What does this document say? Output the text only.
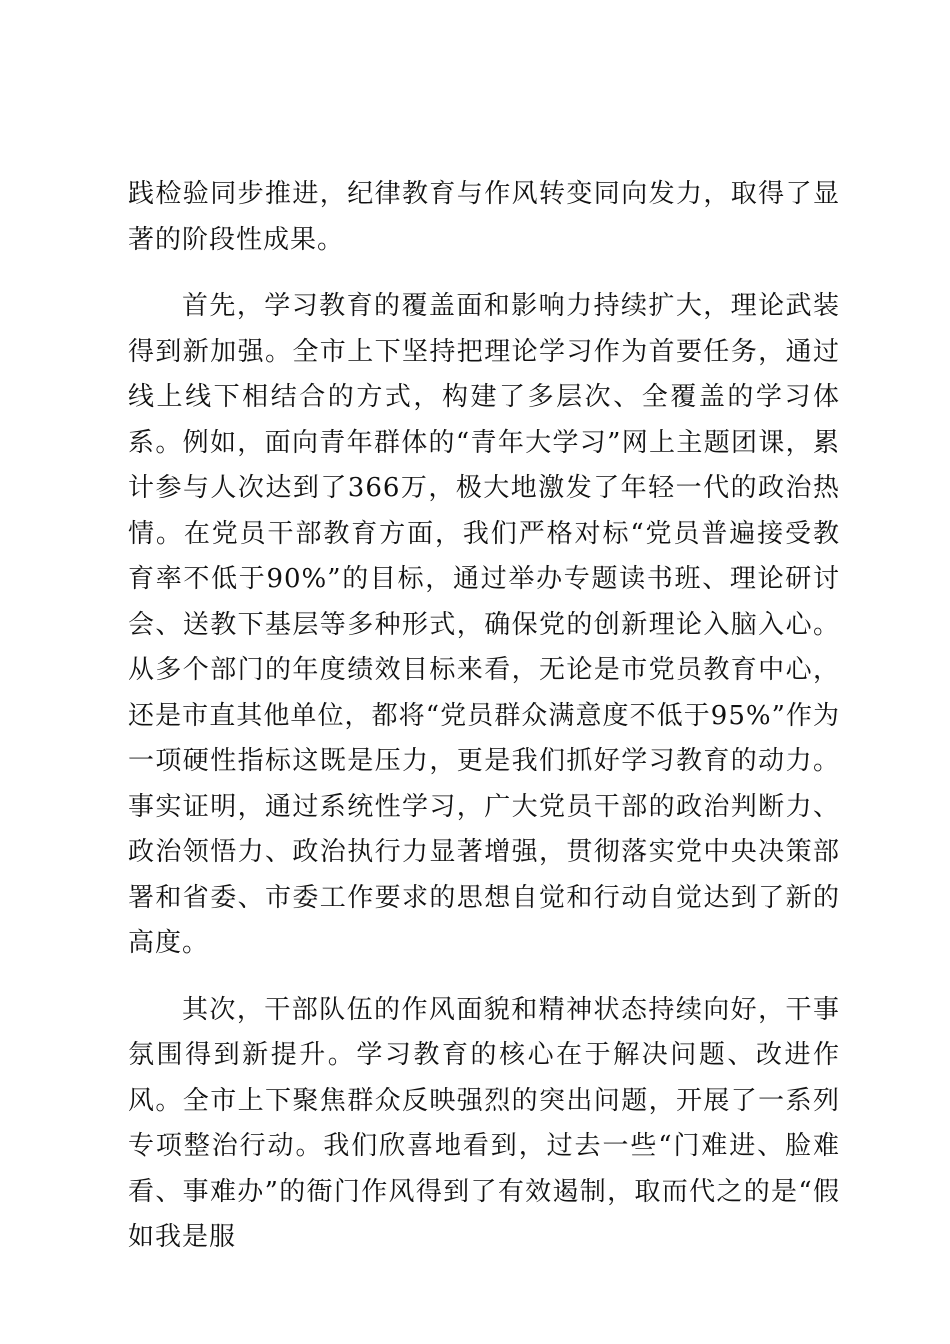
践检验同步推进，纪律教育与作风转变同向发力，取得了显著的阶段性成果。

首先，学习教育的覆盖面和影响力持续扩大，理论武装得到新加强。全市上下坚持把理论学习作为首要任务，通过线上线下相结合的方式，构建了多层次、全覆盖的学习体系。例如，面向青年群体的“青年大学习”网上主题团课，累计参与人次达到了366万，极大地激发了年轻一代的政治热情。在党员干部教育方面，我们严格对标“党员普遍接受教育率不低于90%”的目标，通过举办专题读书班、理论研讨会、送教下基层等多种形式，确保党的创新理论入脑入心。从多个部门的年度绩效目标来看，无论是市党员教育中心，还是市直其他单位，都将“党员群众满意度不低于95%”作为一项硬性指标这既是压力，更是我们抓好学习教育的动力。事实证明，通过系统性学习，广大党员干部的政治判断力、政治领悟力、政治执行力显著增强，贯彻落实党中央决策部署和省委、市委工作要求的思想自觉和行动自觉达到了新的高度。

其次，干部队伍的作风面貌和精神状态持续向好，干事氛围得到新提升。学习教育的核心在于解决问题、改进作风。全市上下聚焦群众反映强烈的突出问题，开展了一系列专项整治行动。我们欣喜地看到，过去一些“门难进、脸难看、事难办”的衙门作风得到了有效遏制，取而代之的是“假如我是服
